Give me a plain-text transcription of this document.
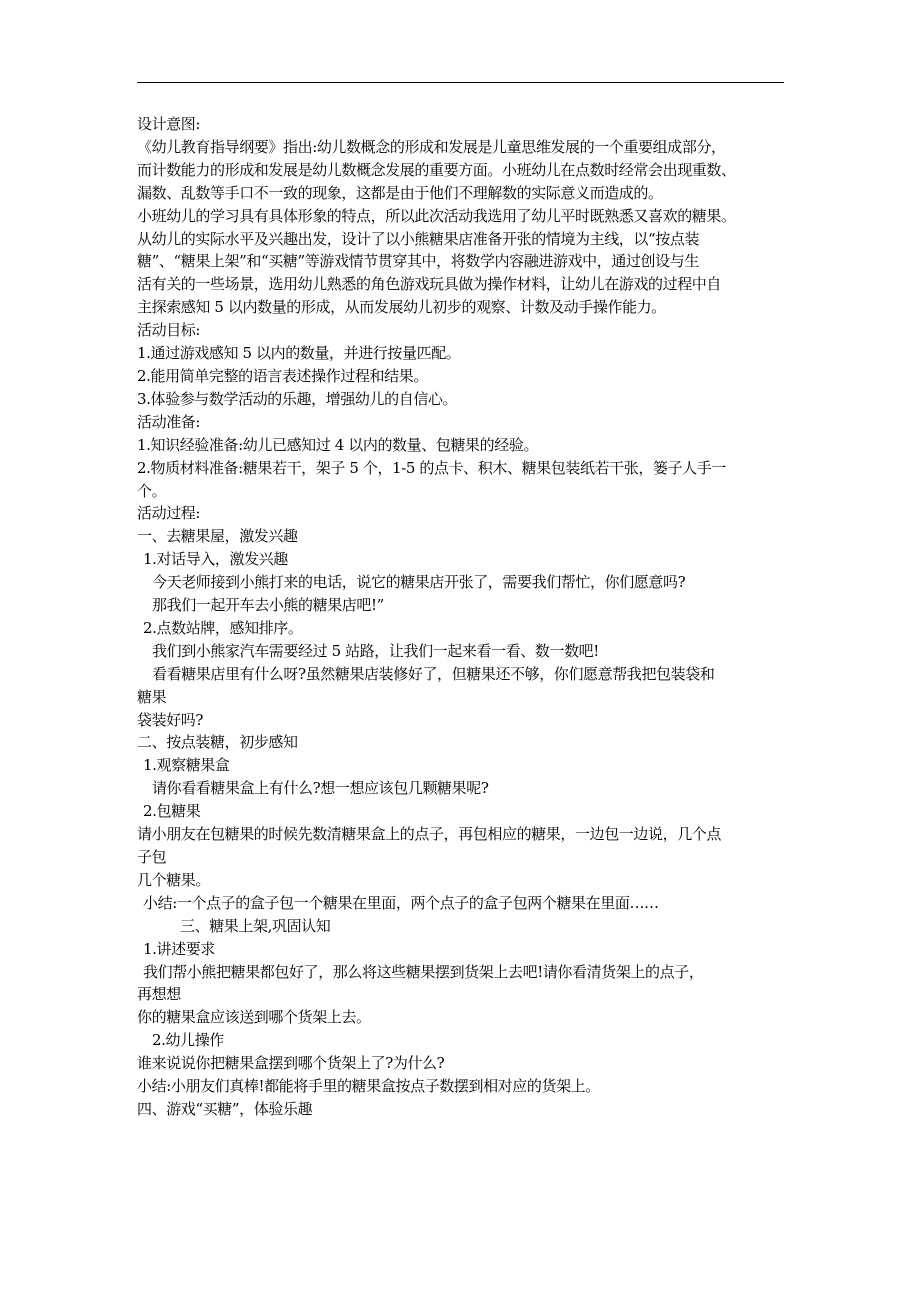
设计意图:
《幼儿教育指导纲要》指出:幼儿数概念的形成和发展是儿童思维发展的一个重要组成部分，
而计数能力的形成和发展是幼儿数概念发展的重要方面。小班幼儿在点数时经常会出现重数、
漏数、乱数等手口不一致的现象，这都是由于他们不理解数的实际意义而造成的。
小班幼儿的学习具有具体形象的特点，所以此次活动我选用了幼儿平时既熟悉又喜欢的糖果。
从幼儿的实际水平及兴趣出发，设计了以小熊糖果店准备开张的情境为主线，以“按点装
糖”、“糖果上架”和“买糖”等游戏情节贯穿其中，将数学内容融进游戏中，通过创设与生
活有关的一些场景，选用幼儿熟悉的角色游戏玩具做为操作材料，让幼儿在游戏的过程中自
主探索感知 5 以内数量的形成，从而发展幼儿初步的观察、计数及动手操作能力。
活动目标:
1.通过游戏感知 5 以内的数量，并进行按量匹配。
2.能用简单完整的语言表述操作过程和结果。
3.体验参与数学活动的乐趣，增强幼儿的自信心。
活动准备:
1.知识经验准备:幼儿已感知过 4 以内的数量、包糖果的经验。
2.物质材料准备:糖果若干，架子 5 个，1-5 的点卡、积木、糖果包装纸若干张，篓子人手一
个。
活动过程:
一、去糖果屋，激发兴趣
1.对话导入，激发兴趣
今天老师接到小熊打来的电话，说它的糖果店开张了，需要我们帮忙，你们愿意吗?
那我们一起开车去小熊的糖果店吧!”
2.点数站牌，感知排序。
我们到小熊家汽车需要经过 5 站路，让我们一起来看一看、数一数吧!
看看糖果店里有什么呀?虽然糖果店装修好了，但糖果还不够，你们愿意帮我把包装袋和
糖果
袋装好吗?
二、按点装糖，初步感知
1.观察糖果盒
请你看看糖果盒上有什么?想一想应该包几颗糖果呢?
2.包糖果
请小朋友在包糖果的时候先数清糖果盒上的点子，再包相应的糖果，一边包一边说，几个点
子包
几个糖果。
小结:一个点子的盒子包一个糖果在里面，两个点子的盒子包两个糖果在里面……
三、糖果上架,巩固认知
1.讲述要求
我们帮小熊把糖果都包好了，那么将这些糖果摆到货架上去吧!请你看清货架上的点子，
再想想
你的糖果盒应该送到哪个货架上去。
2.幼儿操作
谁来说说你把糖果盒摆到哪个货架上了?为什么?
小结:小朋友们真棒!都能将手里的糖果盒按点子数摆到相对应的货架上。
四、游戏“买糖”，体验乐趣
